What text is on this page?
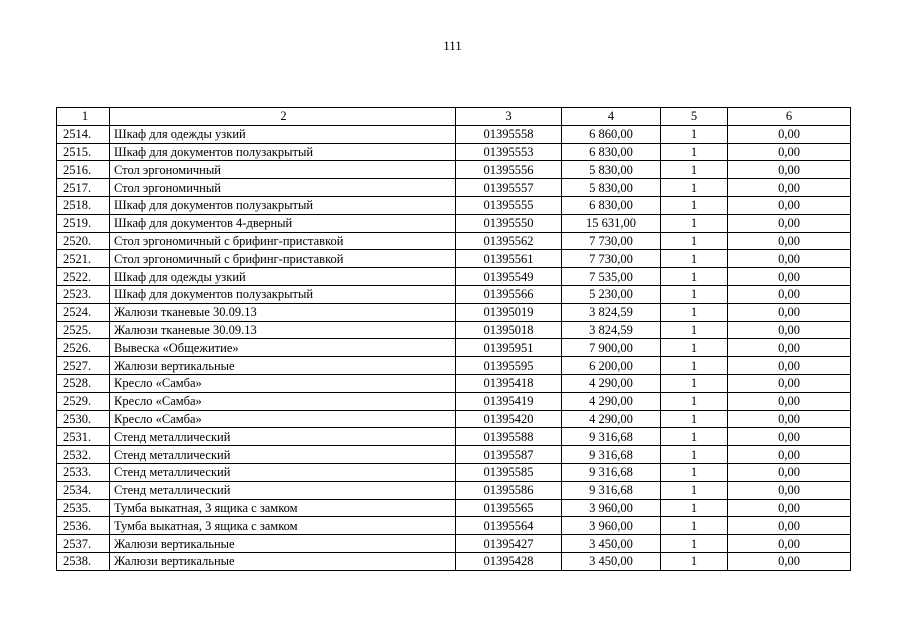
111
1	2	3	4	5	6
2514.	Шкаф для одежды узкий	01395558	6 860,00	1	0,00
2515.	Шкаф для документов полузакрытый	01395553	6 830,00	1	0,00
2516.	Стол эргономичный	01395556	5 830,00	1	0,00
2517.	Стол эргономичный	01395557	5 830,00	1	0,00
2518.	Шкаф для документов полузакрытый	01395555	6 830,00	1	0,00
2519.	Шкаф для документов 4-дверный	01395550	15 631,00	1	0,00
2520.	Стол эргономичный с брифинг-приставкой	01395562	7 730,00	1	0,00
2521.	Стол эргономичный с брифинг-приставкой	01395561	7 730,00	1	0,00
2522.	Шкаф для одежды узкий	01395549	7 535,00	1	0,00
2523.	Шкаф для документов полузакрытый	01395566	5 230,00	1	0,00
2524.	Жалюзи тканевые 30.09.13	01395019	3 824,59	1	0,00
2525.	Жалюзи тканевые 30.09.13	01395018	3 824,59	1	0,00
2526.	Вывеска «Общежитие»	01395951	7 900,00	1	0,00
2527.	Жалюзи вертикальные	01395595	6 200,00	1	0,00
2528.	Кресло «Самба»	01395418	4 290,00	1	0,00
2529.	Кресло «Самба»	01395419	4 290,00	1	0,00
2530.	Кресло «Самба»	01395420	4 290,00	1	0,00
2531.	Стенд металлический	01395588	9 316,68	1	0,00
2532.	Стенд металлический	01395587	9 316,68	1	0,00
2533.	Стенд металлический	01395585	9 316,68	1	0,00
2534.	Стенд металлический	01395586	9 316,68	1	0,00
2535.	Тумба выкатная, 3 ящика с замком	01395565	3 960,00	1	0,00
2536.	Тумба выкатная, 3 ящика с замком	01395564	3 960,00	1	0,00
2537.	Жалюзи вертикальные	01395427	3 450,00	1	0,00
2538.	Жалюзи вертикальные	01395428	3 450,00	1	0,00
